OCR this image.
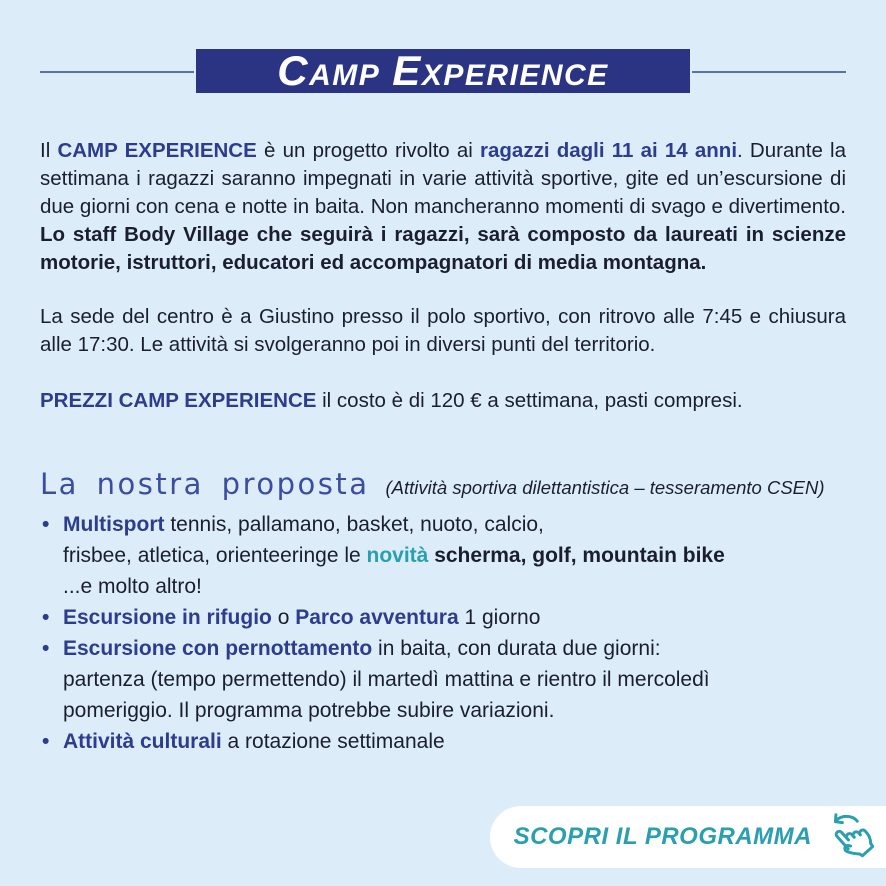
CAMP EXPERIENCE

Il CAMP EXPERIENCE è un progetto rivolto ai ragazzi dagli 11 ai 14 anni. Durante la settimana i ragazzi saranno impegnati in varie attività sportive, gite ed un’escursione di due giorni con cena e notte in baita. Non mancheranno momenti di svago e divertimento. Lo staff Body Village che seguirà i ragazzi, sarà composto da laureati in scienze motorie, istruttori, educatori ed accompagnatori di media montagna.

La sede del centro è a Giustino presso il polo sportivo, con ritrovo alle 7:45 e chiusura alle 17:30. Le attività si svolgeranno poi in diversi punti del territorio.

PREZZI CAMP EXPERIENCE il costo è di 120 € a settimana, pasti compresi.

La nostra proposta (Attività sportiva dilettantistica – tesseramento CSEN)
• Multisport tennis, pallamano, basket, nuoto, calcio,
frisbee, atletica, orienteeringe le novità scherma, golf, mountain bike
...e molto altro!
• Escursione in rifugio o Parco avventura 1 giorno
• Escursione con pernottamento in baita, con durata due giorni:
partenza (tempo permettendo) il martedì mattina e rientro il mercoledì
pomeriggio. Il programma potrebbe subire variazioni.
• Attività culturali a rotazione settimanale
SCOPRI IL PROGRAMMA
